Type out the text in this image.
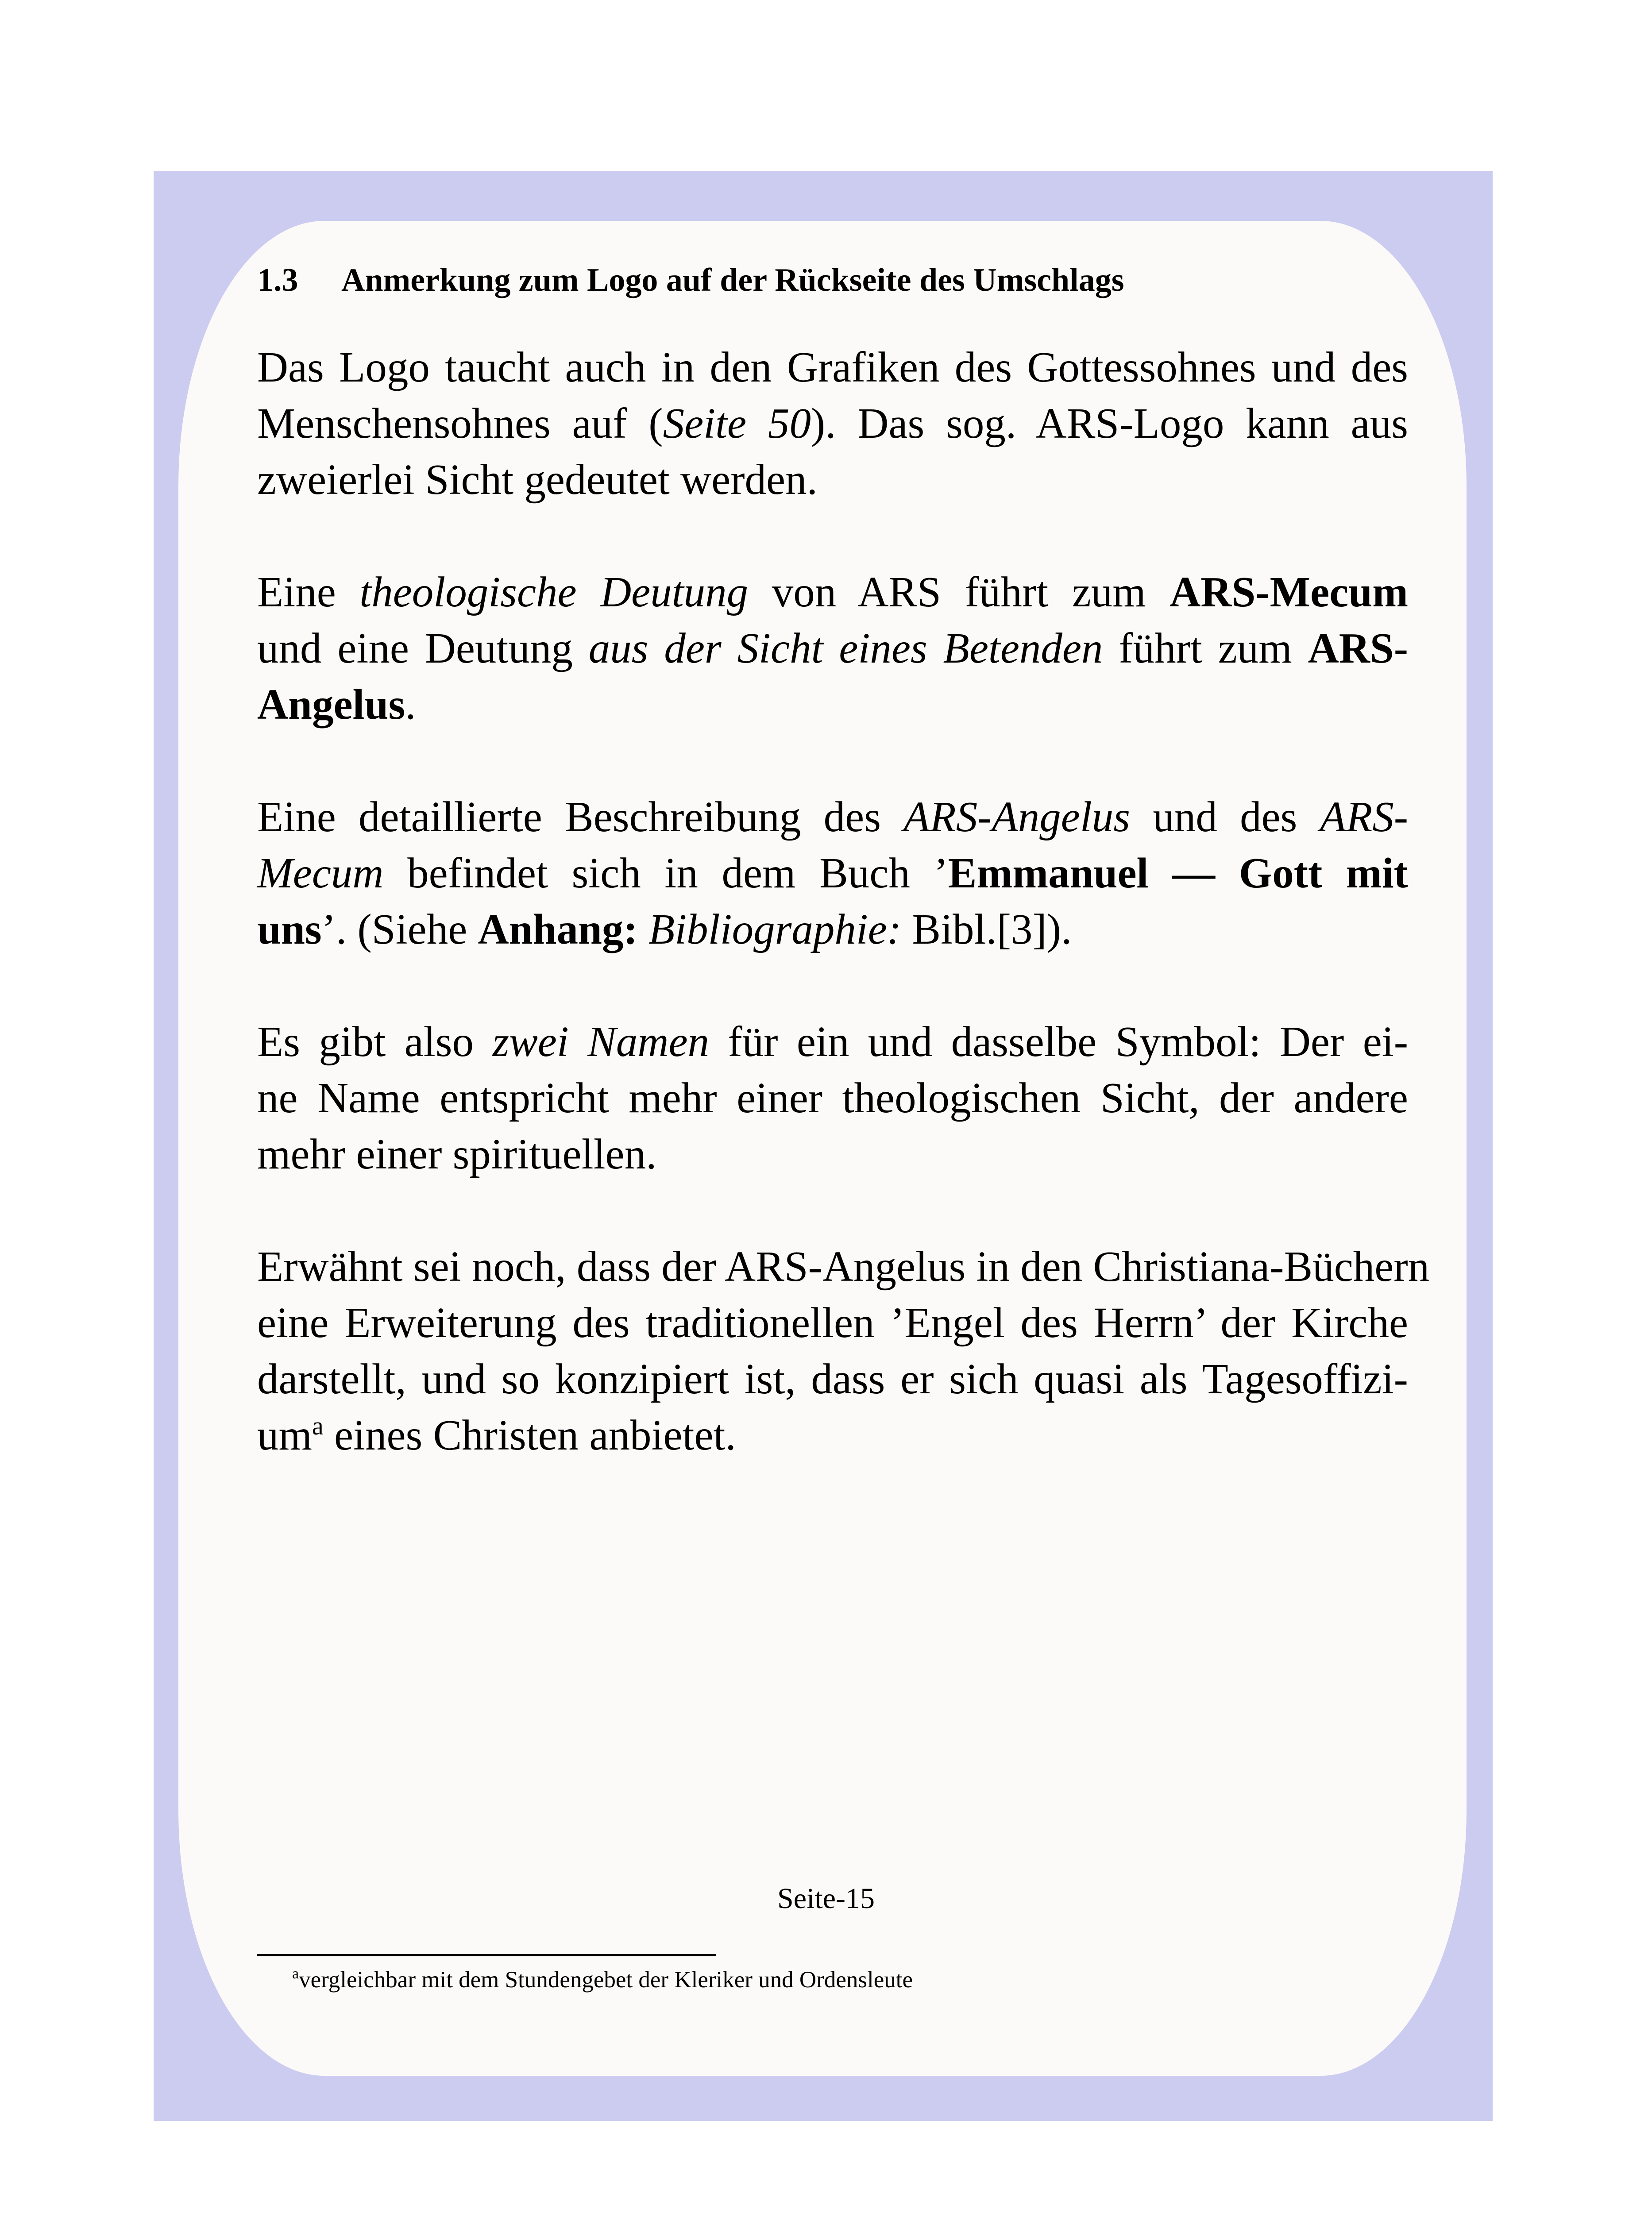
1.3 Anmerkung zum Logo auf der Rückseite des Umschlags
Das Logo taucht auch in den Grafiken des Gottessohnes und des
Menschensohnes auf (Seite 50). Das sog. ARS-Logo kann aus
zweierlei Sicht gedeutet werden.
Eine theologische Deutung von ARS führt zum ARS-Mecum
und eine Deutung aus der Sicht eines Betenden führt zum ARS-
Angelus.
Eine detaillierte Beschreibung des ARS-Angelus und des ARS-
Mecum befindet sich in dem Buch ’Emmanuel — Gott mit
uns’. (Siehe Anhang: Bibliographie: Bibl.[3]).
Es gibt also zwei Namen für ein und dasselbe Symbol: Der ei-
ne Name entspricht mehr einer theologischen Sicht, der andere
mehr einer spirituellen.
Erwähnt sei noch, dass der ARS-Angelus in den Christiana-Büchern
eine Erweiterung des traditionellen ’Engel des Herrn’ der Kirche
darstellt, und so konzipiert ist, dass er sich quasi als Tagesoffizi-
$um^a$ eines Christen anbietet.
Seite-15
$^a$vergleichbar mit dem Stundengebet der Kleriker und Ordensleute
